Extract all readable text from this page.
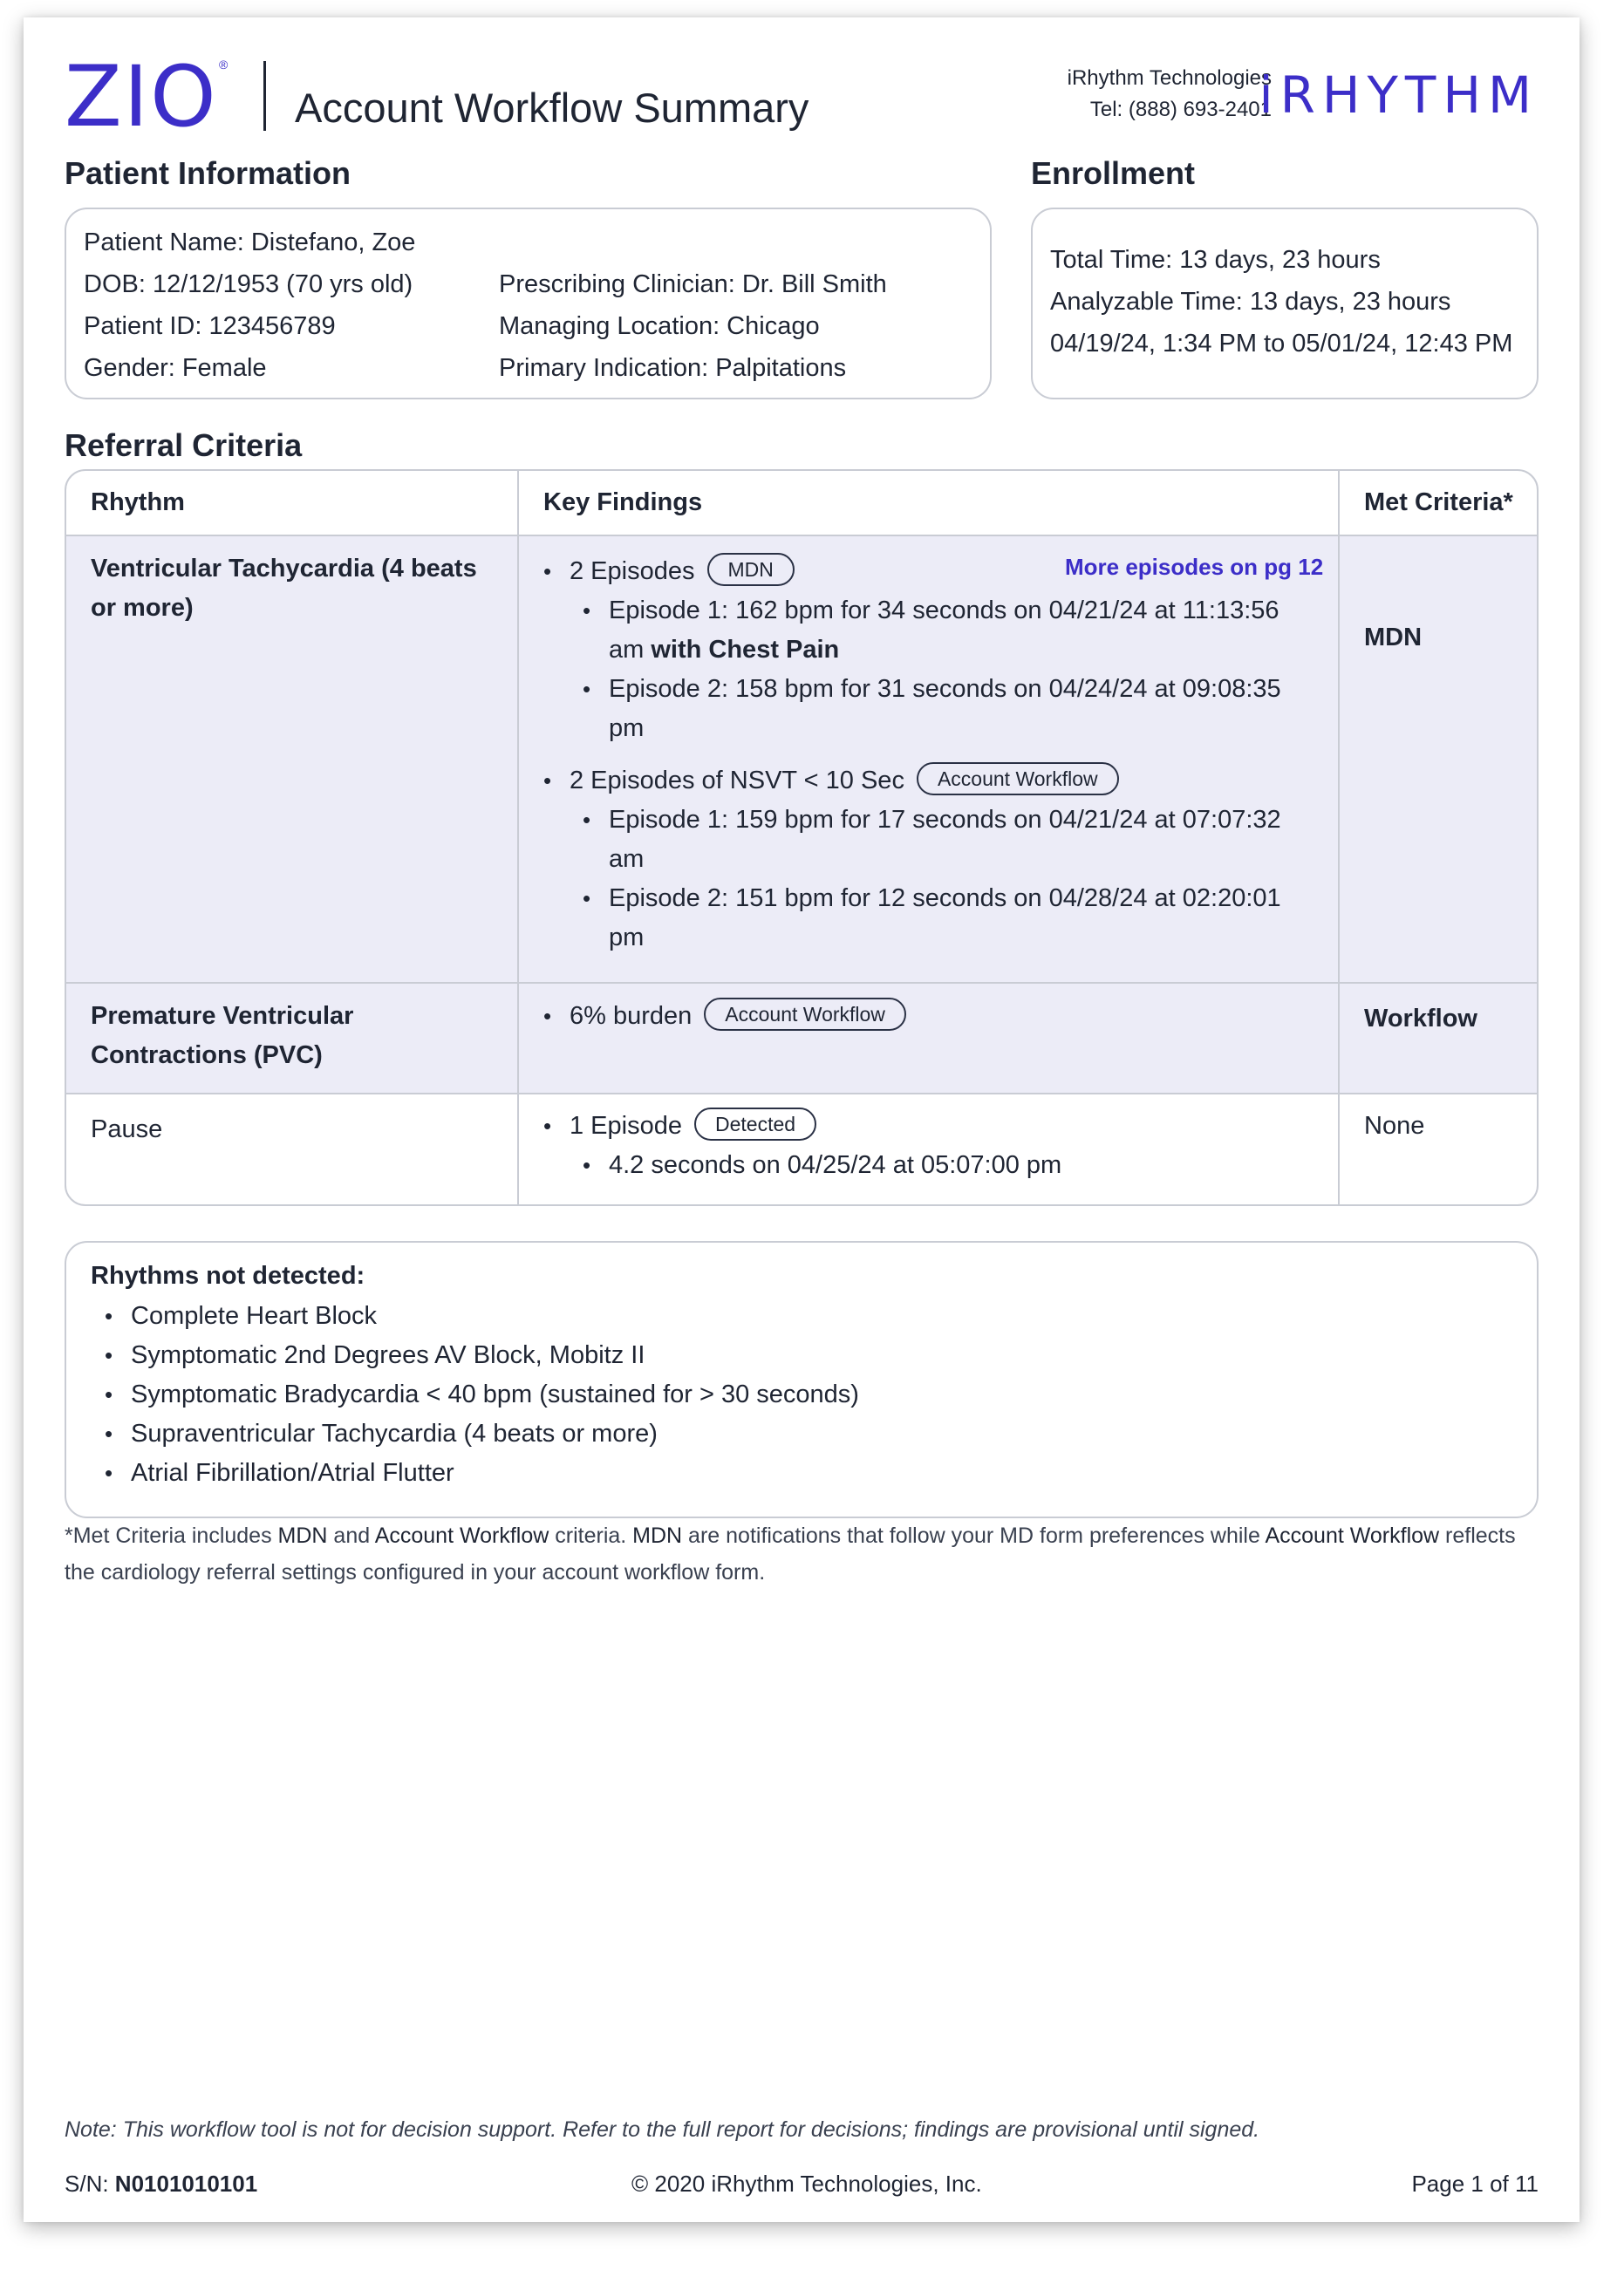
ZIO ®
Account Workflow Summary
iRhythm Technologies
Tel: (888) 693-2401
iRHYTHM
Patient Information
Patient Name: Distefano, Zoe
DOB: 12/12/1953 (70 yrs old)
Patient ID: 123456789
Gender: Female
Prescribing Clinician: Dr. Bill Smith
Managing Location: Chicago
Primary Indication: Palpitations
Enrollment
Total Time: 13 days, 23 hours
Analyzable Time: 13 days, 23 hours
04/19/24, 1:34 PM to 05/01/24, 12:43 PM
Referral Criteria
Rhythm	Key Findings	Met Criteria*
Ventricular Tachycardia (4 beats or more)
• 2 Episodes MDN	More episodes on pg 12
• Episode 1: 162 bpm for 34 seconds on 04/21/24 at 11:13:56 am with Chest Pain
• Episode 2: 158 bpm for 31 seconds on 04/24/24 at 09:08:35 pm
• 2 Episodes of NSVT < 10 Sec Account Workflow
• Episode 1: 159 bpm for 17 seconds on 04/21/24 at 07:07:32 am
• Episode 2: 151 bpm for 12 seconds on 04/28/24 at 02:20:01 pm
MDN
Premature Ventricular Contractions (PVC)
• 6% burden Account Workflow	Workflow
Pause
•	1 Episode Detected
• 4.2 seconds on 04/25/24 at 05:07:00 pm
None
Rhythms not detected:
• Complete Heart Block
• Symptomatic 2nd Degrees AV Block, Mobitz II
• Symptomatic Bradycardia < 40 bpm (sustained for > 30 seconds)
• Supraventricular Tachycardia (4 beats or more)
• Atrial Fibrillation/Atrial Flutter
*Met Criteria includes MDN and Account Workflow criteria. MDN are notifications that follow your MD form preferences while Account Workflow reflects the cardiology referral settings configured in your account workflow form.
Note: This workflow tool is not for decision support. Refer to the full report for decisions; findings are provisional until signed.
S/N: N0101010101	© 2020 iRhythm Technologies, Inc.	Page 1 of 11
